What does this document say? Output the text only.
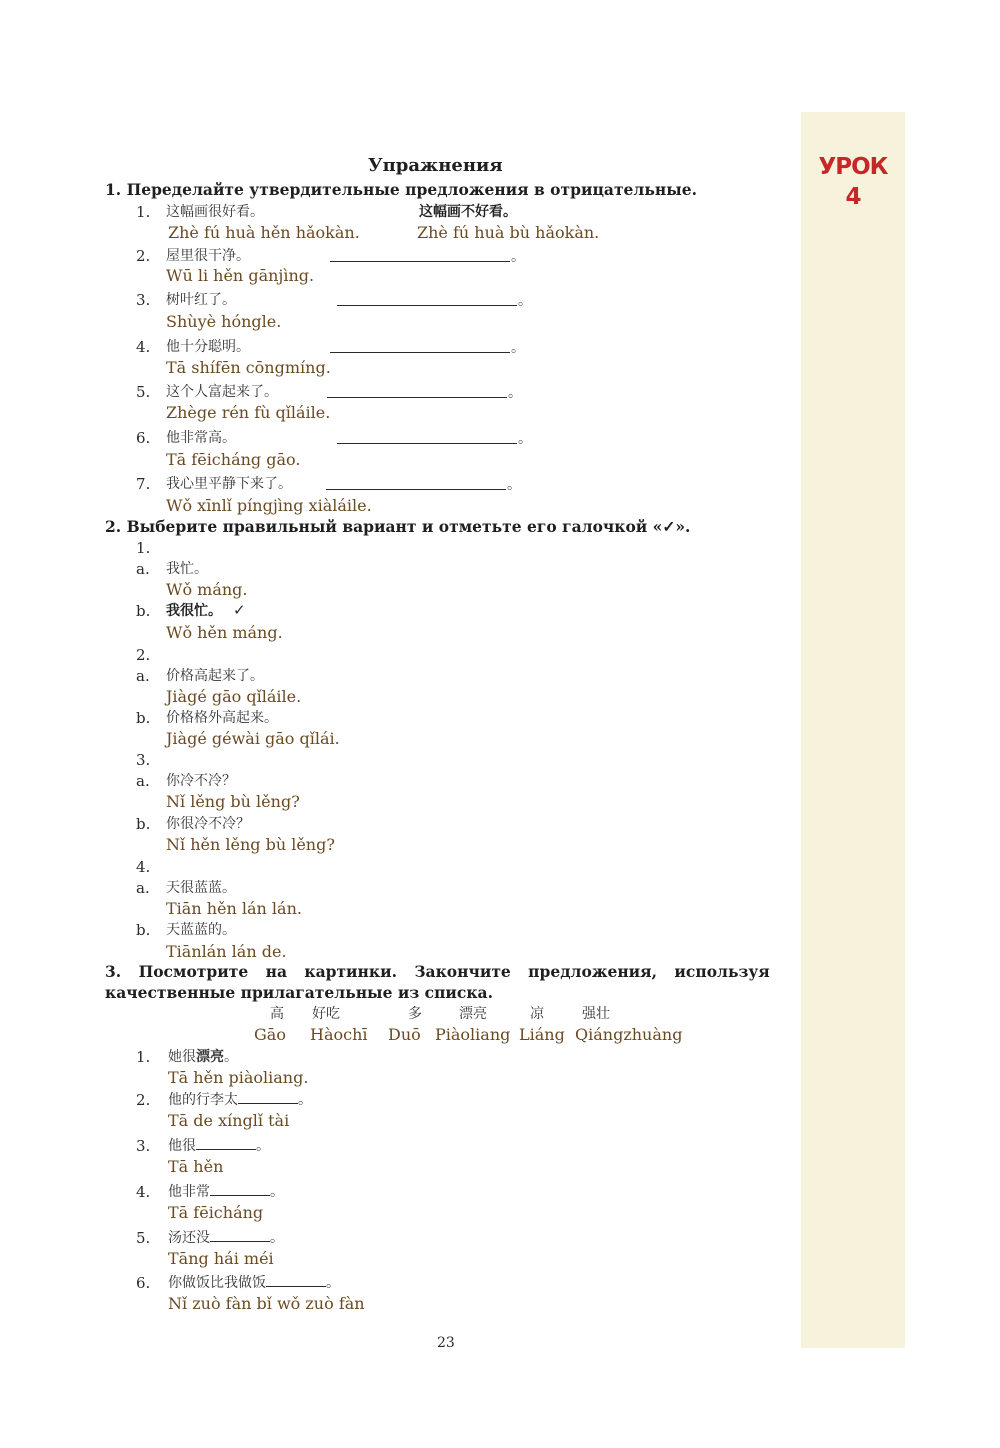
УРОК
4
Упражнения
1. Переделайте утвердительные предложения в отрицательные.
1. 这幅画很好看。	这幅画不好看。
Zhè fú huà hěn hǎokàn.	Zhè fú huà bù hǎokàn.
2. 屋里很干净。	。
Wū li hěn gānjìng.
3. 树叶红了。	。
Shùyè hóngle.
4. 他十分聪明。	。
Tā shífēn cōngmíng.
5. 这个人富起来了。	。
Zhège rén fù qǐláile.
6. 他非常高。	。
Tā fēicháng gāo.
7. 我心里平静下来了。	。
Wǒ xīnlǐ píngjìng xiàláile.
2. Выберите правильный вариант и отметьте его галочкой «✓».
1.
a. 我忙。
Wǒ máng.
b. 我很忙。 ✓
Wǒ hěn máng.
2.
a. 价格高起来了。
Jiàgé gāo qǐláile.
b. 价格格外高起来。
Jiàgé géwài gāo qǐlái.
3.
a. 你冷不冷？
Nǐ lěng bù lěng?
b. 你很冷不冷？
Nǐ hěn lěng bù lěng?
4.
a. 天很蓝蓝。
Tiān hěn lán lán.
b. 天蓝蓝的。
Tiānlán lán de.
3. Посмотрите на картинки. Закончите предложения, используя
качественные прилагательные из списка.
高 好吃	多	漂亮	凉	强壮
Gāo Hàochī Duō Piàoliang Liáng Qiángzhuàng
1. 她很漂亮。
Tā hěn piàoliang.
2. 他的行李太	。
Tā de xínglǐ tài
3. 他很	。
Tā hěn
4. 他非常	。
Tā fēicháng
5. 汤还没	。
Tāng hái méi
6. 你做饭比我做饭	。
Nǐ zuò fàn bǐ wǒ zuò fàn
23
